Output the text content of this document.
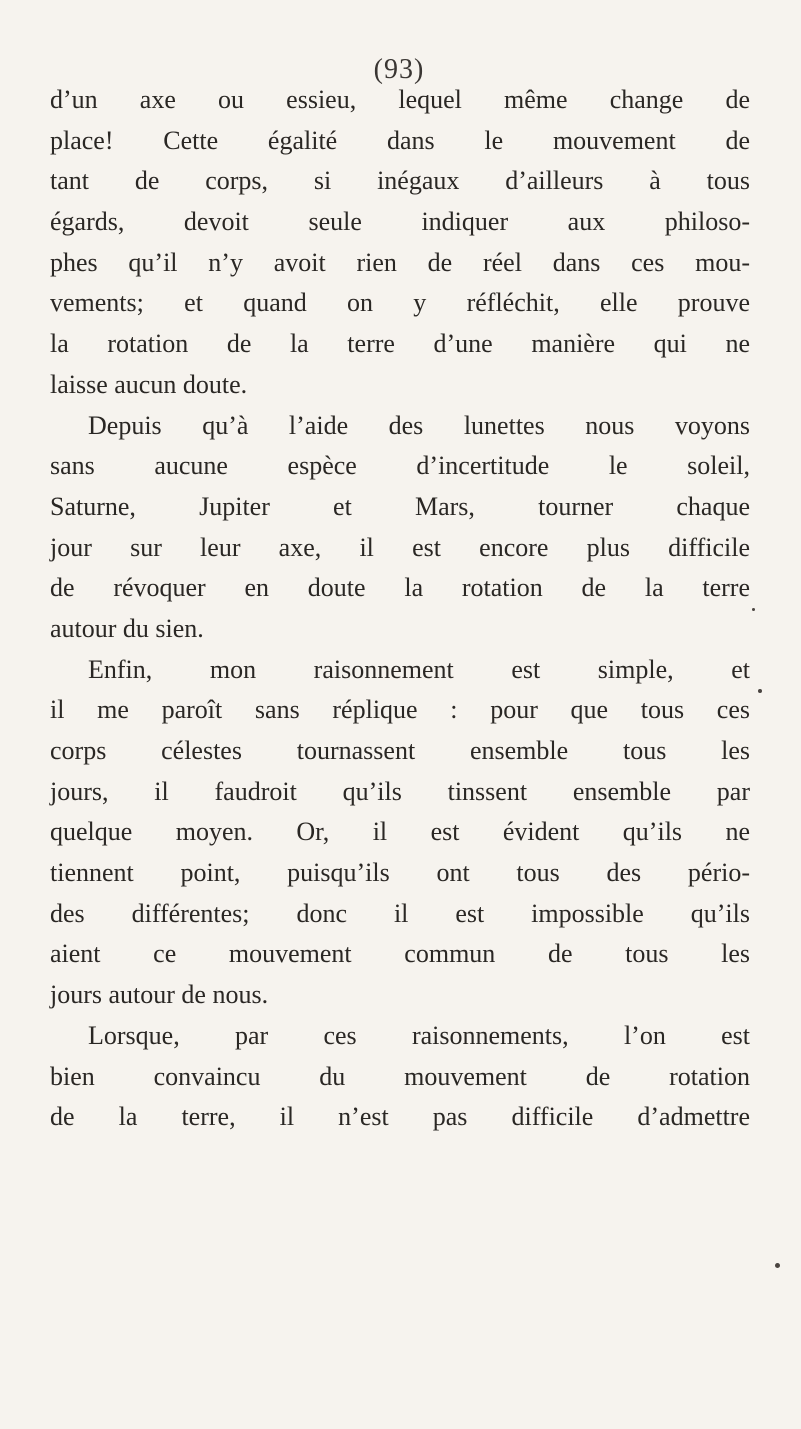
(93)
d’un axe ou essieu, lequel même change de
place! Cette égalité dans le mouvement de
tant de corps, si inégaux d’ailleurs à tous
égards, devoit seule indiquer aux philoso-
phes qu’il n’y avoit rien de réel dans ces mou-
vements; et quand on y réfléchit, elle prouve
la rotation de la terre d’une manière qui ne
laisse aucun doute.
Depuis qu’à l’aide des lunettes nous voyons
sans aucune espèce d’incertitude le soleil,
Saturne, Jupiter et Mars, tourner chaque
jour sur leur axe, il est encore plus difficile
de révoquer en doute la rotation de la terre
autour du sien.
Enfin, mon raisonnement est simple, et
il me paroît sans réplique : pour que tous ces
corps célestes tournassent ensemble tous les
jours, il faudroit qu’ils tinssent ensemble par
quelque moyen. Or, il est évident qu’ils ne
tiennent point, puisqu’ils ont tous des pério-
des différentes; donc il est impossible qu’ils
aient ce mouvement commun de tous les
jours autour de nous.
Lorsque, par ces raisonnements, l’on est
bien convaincu du mouvement de rotation
de la terre, il n’est pas difficile d’admettre
